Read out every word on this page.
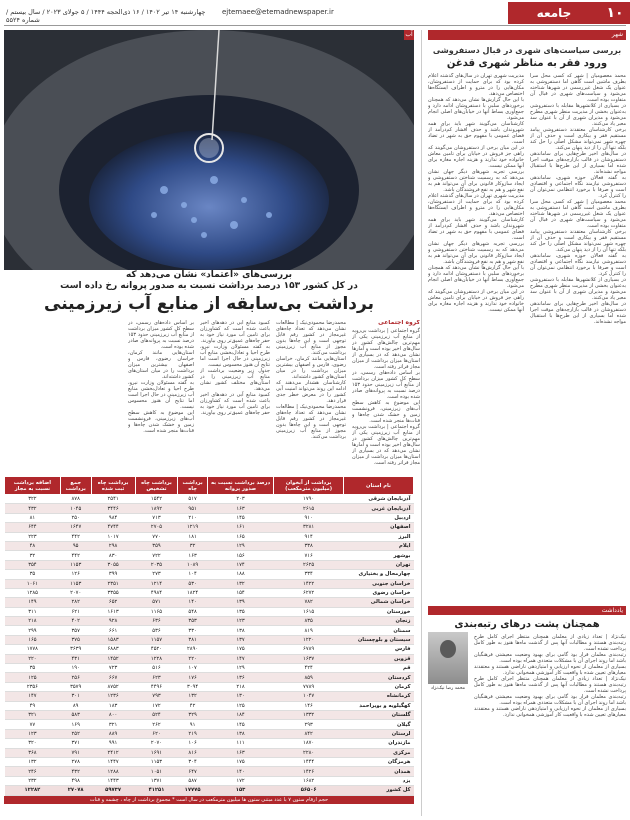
۱۰
جامعه
ejtemaee@etemadnewspaper.ir
چهارشنبه ۱۴ تیر ۱۴۰۲ / ۱۶ ذی‌الحجه ۱۴۴۴ / ۵ جولای ۲۰۲۳ / سال بیستم / شماره ۵۵۲۴
شهر
بررسی سیاست‌های شهری در قبال دستفروشی
ورود فقر به مناظر شهری قدغن
محمد معصومیان | شهر که کسی محل سرا بطرف ماشین است گاهی اما دستفروشی به عنوان یک شغل غیررسمی در شهرها شناخته می‌شود و سیاست‌های شهری در قبال آن متفاوت بوده است.
در بسیاری از کلانشهرها مقابله با دستفروشی به‌عنوان بخشی از مدیریت منظر شهری مطرح می‌شود و مدیران شهری از آن با عنوان سد معبر یاد می‌کنند.
برخی کارشناسان معتقدند دستفروشی پیامد مستقیم فقر و بیکاری است و حذف آن از چهره شهر نمی‌تواند مشکل اصلی را حل کند بلکه تنها آن را از دید پنهان می‌کند.
در سال‌های اخیر طرح‌هایی برای ساماندهی دستفروشان در قالب بازارچه‌های موقت اجرا شده اما بسیاری از این طرح‌ها با استقبال مواجه نشده‌اند.
به گفته فعالان حوزه شهری، ساماندهی دستفروشی نیازمند نگاه اجتماعی و اقتصادی است و صرفا با برخورد انتظامی نمی‌توان آن را کنترل کرد.
محمد معصومیان | شهر که کسی محل سرا بطرف ماشین است گاهی اما دستفروشی به عنوان یک شغل غیررسمی در شهرها شناخته می‌شود و سیاست‌های شهری در قبال آن متفاوت بوده است.
برخی کارشناسان معتقدند دستفروشی پیامد مستقیم فقر و بیکاری است و حذف آن از چهره شهر نمی‌تواند مشکل اصلی را حل کند بلکه تنها آن را از دید پنهان می‌کند.
به گفته فعالان حوزه شهری، ساماندهی دستفروشی نیازمند نگاه اجتماعی و اقتصادی است و صرفا با برخورد انتظامی نمی‌توان آن را کنترل کرد.
در بسیاری از کلانشهرها مقابله با دستفروشی به‌عنوان بخشی از مدیریت منظر شهری مطرح می‌شود و مدیران شهری از آن با عنوان سد معبر یاد می‌کنند.
در سال‌های اخیر طرح‌هایی برای ساماندهی دستفروشان در قالب بازارچه‌های موقت اجرا شده اما بسیاری از این طرح‌ها با استقبال مواجه نشده‌اند.
مدیریت شهری تهران در سال‌های گذشته اعلام کرده بود که برای حمایت از دستفروشان، مکان‌هایی را در مترو و اطراف ایستگاه‌ها اختصاص می‌دهد.
با این حال گزارش‌ها نشان می‌دهد که همچنان برخوردهای سلبی با دستفروشان ادامه دارد و جمع‌آوری بساط آنها در خیابان‌های اصلی انجام می‌شود.
کارشناسان می‌گویند شهر باید برای همه شهروندان باشد و حذف اقشار کم‌درآمد از فضای عمومی با مفهوم حق به شهر در تضاد است.
در این میان برخی از دستفروشان می‌گویند که راهی جز فروش در خیابان برای تامین معاش خانواده خود ندارند و هزینه اجاره مغازه برای آنها ممکن نیست.
بررسی تجربه شهرهای دیگر جهان نشان می‌دهد که به رسمیت شناختن دستفروشی و ایجاد سازوکار قانونی برای آن می‌تواند هم به نفع شهر و هم به نفع فروشندگان باشد.
مدیریت شهری تهران در سال‌های گذشته اعلام کرده بود که برای حمایت از دستفروشان، مکان‌هایی را در مترو و اطراف ایستگاه‌ها اختصاص می‌دهد.
کارشناسان می‌گویند شهر باید برای همه شهروندان باشد و حذف اقشار کم‌درآمد از فضای عمومی با مفهوم حق به شهر در تضاد است.
بررسی تجربه شهرهای دیگر جهان نشان می‌دهد که به رسمیت شناختن دستفروشی و ایجاد سازوکار قانونی برای آن می‌تواند هم به نفع شهر و هم به نفع فروشندگان باشد.
با این حال گزارش‌ها نشان می‌دهد که همچنان برخوردهای سلبی با دستفروشان ادامه دارد و جمع‌آوری بساط آنها در خیابان‌های اصلی انجام می‌شود.
در این میان برخی از دستفروشان می‌گویند که راهی جز فروش در خیابان برای تامین معاش خانواده خود ندارند و هزینه اجاره مغازه برای آنها ممکن نیست.
یادداشت
همچنان پشت درهای رتبه‌بندی
محمد رضا نیک‌نژاد
نیک‌نژاد | تعداد زیادی از معلمان همچنان منتظر اجرای کامل طرح رتبه‌بندی هستند و مطالبات آنها پس از گذشت ماه‌ها هنوز به طور کامل پرداخت نشده است.
رتبه‌بندی معلمان قرار بود گامی برای بهبود وضعیت معیشتی فرهنگیان باشد اما روند اجرای آن با مشکلات متعددی همراه بوده است.
بسیاری از معلمان از نحوه ارزیابی و امتیازدهی ناراضی هستند و معتقدند معیارهای تعیین شده با واقعیت کار آموزشی همخوانی ندارد.
نیک‌نژاد | تعداد زیادی از معلمان همچنان منتظر اجرای کامل طرح رتبه‌بندی هستند و مطالبات آنها پس از گذشت ماه‌ها هنوز به طور کامل پرداخت نشده است.
رتبه‌بندی معلمان قرار بود گامی برای بهبود وضعیت معیشتی فرهنگیان باشد اما روند اجرای آن با مشکلات متعددی همراه بوده است.
بسیاری از معلمان از نحوه ارزیابی و امتیازدهی ناراضی هستند و معتقدند معیارهای تعیین شده با واقعیت کار آموزشی همخوانی ندارد.
آب
بررسی‌های «اعتماد» نشان می‌دهد که
در کل کشور ۱۵۳ درصد برداشت نسبت به صدور پروانه رخ داده است
برداشت بی‌سابقه از منابع آب زیرزمینی
گروه اجتماعی
گروه اجتماعی | برداشت بی‌رویه از منابع آب زیرزمینی یکی از مهم‌ترین چالش‌های کشور در سال‌های اخیر بوده است و آمارها نشان می‌دهد که در بسیاری از استان‌ها میزان برداشت از میزان مجاز فراتر رفته است.
بر اساس داده‌های رسمی، در سطح کل کشور میزان برداشت از منابع آب زیرزمینی حدود ۱۵۳ درصد نسبت به پروانه‌های صادر شده بوده است.
این موضوع به کاهش سطح آب‌های زیرزمینی، فرونشست زمین و خشک شدن چاه‌ها و قنات‌ها منجر شده است.
گروه اجتماعی | برداشت بی‌رویه از منابع آب زیرزمینی یکی از مهم‌ترین چالش‌های کشور در سال‌های اخیر بوده است و آمارها نشان می‌دهد که در بسیاری از استان‌ها میزان برداشت از میزان مجاز فراتر رفته است.
محمدرضا محمودی‌نیک | مطالعات نشان می‌دهد که تعداد چاه‌های غیرمجاز در کشور رقم قابل توجهی است و این چاه‌ها بدون مجوز از منابع آب زیرزمینی برداشت می‌کنند.
استان‌هایی مانند کرمان، خراسان رضوی، فارس و اصفهان بیشترین میزان برداشت را در میان استان‌های کشور داشته‌اند.
کارشناسان هشدار می‌دهند که ادامه این روند می‌تواند امنیت آبی کشور را در معرض خطر جدی قرار دهد.
محمدرضا محمودی‌نیک | مطالعات نشان می‌دهد که تعداد چاه‌های غیرمجاز در کشور رقم قابل توجهی است و این چاه‌ها بدون مجوز از منابع آب زیرزمینی برداشت می‌کنند.
کمبود منابع آبی در دهه‌های اخیر باعث شده است که کشاورزان برای تامین آب مورد نیاز خود به حفر چاه‌های عمیق‌تر روی بیاورند.
به گفته مسئولان وزارت نیرو، طرح احیا و تعادل‌بخشی منابع آب زیرزمینی در حال اجرا است اما نتایج آن هنوز محسوس نیست.
جدول زیر وضعیت برداشت از منابع آب زیرزمینی را در استان‌های مختلف کشور نشان می‌دهد.
کمبود منابع آبی در دهه‌های اخیر باعث شده است که کشاورزان برای تامین آب مورد نیاز خود به حفر چاه‌های عمیق‌تر روی بیاورند.
بر اساس داده‌های رسمی، در سطح کل کشور میزان برداشت از منابع آب زیرزمینی حدود ۱۵۳ درصد نسبت به پروانه‌های صادر شده بوده است.
استان‌هایی مانند کرمان، خراسان رضوی، فارس و اصفهان بیشترین میزان برداشت را در میان استان‌های کشور داشته‌اند.
به گفته مسئولان وزارت نیرو، طرح احیا و تعادل‌بخشی منابع آب زیرزمینی در حال اجرا است اما نتایج آن هنوز محسوس نیست.
این موضوع به کاهش سطح آب‌های زیرزمینی، فرونشست زمین و خشک شدن چاه‌ها و قنات‌ها منجر شده است.
نام استان	برداشت از آبخوان (میلیون مترمکعب)	درصد برداشت نسبت به صدور پروانه	برداشت چاه	برداشت چاه تشخیص	برداشت چاه ثبت شده	جمع برداشت	اضافه برداشت نسبت به مجاز
آذربایجان شرقی	۱۷۹۰	۲۰۳	۵۱۷	۱۵۴۲	۲۵۴۱	۸۷۸	۳۲۲
آذربایجان غربی	۲۶۱۵	۱۶۳	۹۵۱	۱۸۹۲	۳۴۴۶	۱۰۴۵	۴۳۲
اردبیل	۹۱۰	۱۴۵	۲۱۰	۷۱۳	۹۸۴	۲۵۰	۸۱
اصفهان	۳۲۸۱	۱۶۱	۱۲۱۹	۲۷۰۵	۴۷۴۴	۱۶۴۷	۶۴۴
البرز	۹۱۴	۱۶۵	۱۸۱	۷۷۰	۱۰۱۷	۴۴۲	۲۲۳
ایلام	۳۳۸	۱۲۹	۳۲	۳۵۹	۲۹۸	۹۵	۴۸
بوشهر	۷۱۶	۱۵۶	۱۶۳	۷۲۲	۸۳۰	۴۴۲	۳۲
تهران	۲۶۲۵	۱۷۴	۱۰۸۹	۲۰۳۵	۳۰۵۵	۱۱۵۳	۳۵۴
چهارمحال و بختیاری	۳۳۴	۱۸۸	۱۰۴	۲۷۳	۳۹۹	۱۲۶	۳۵
خراسان جنوبی	۱۴۲۲	۱۳۲	۵۳۰	۱۲۱۴	۲۳۵۱	۱۱۵۳	۱۰۶۱
خراسان رضوی	۶۲۷۲	۱۵۴	۱۸۲۴	۴۹۸۴	۳۳۵۵	۲۰۷۰	۱۲۸۵
خراسان شمالی	۷۸۲	۱۳۹	۱۴۰	۵۷۱	۶۵۲	۲۸۲	۱۴۹
خوزستان	۱۶۱۵	۱۳۵	۵۴۸	۱۱۶۵	۱۶۱۳	۶۲۱	۳۱۱
زنجان	۸۳۵	۱۲۳	۳۵۳	۶۳۶	۹۲۸	۴۰۲	۲۱۸
سمنان	۸۱۹	۱۳۸	۳۳۰	۵۳۶	۶۶۱	۳۵۷	۲۹۹
سیستان و بلوچستان	۱۲۲۰	۱۳۷	۳۸۱	۱۱۵۷	۱۵۸۳	۳۷۵	۱۶۵
فارس	۶۷۸۹	۱۷۵	۲۸۹۰	۴۵۲۰	۶۸۸۳	۳۶۳۹	۱۷۷۸
قزوین	۱۶۳۷	۱۴۷	۲۲۰	۱۲۲۸	۱۴۵۲	۴۳۱	۲۲۰
قم	۴۲۴	۱۲۹	۱۰۷	۵۱۶	۷۲۳	۱۹۰	۳۵
کردستان	۸۵۹	۱۳۶	۱۷۶	۶۲۳	۶۶۷	۲۵۶	۱۲۵
کرمان	۷۷۸۹	۲۱۸	۳۰۹۴	۴۴۹۶	۸۷۵۲	۳۵۷۹	۲۳۵۶
کرمانشاه	۱۰۴۷	۱۳۰	۱۳۲	۷۹۳	۱۲۳۶	۳۰۱	۱۴۷
کهگیلویه و بویراحمد	۱۴۶	۱۲۵	۴۲	۱۷۲	۱۸۳	۸۹	۴۹
گلستان	۱۳۳۲	۱۸۴	۳۲۹	۵۲۴	۸۰۰	۵۸۳	۳۲۱
گیلان	۲۹۳	۱۴۵	۹۱	۲۶۲	۳۲۱	۱۶۹	۷۷
لرستان	۸۴۲	۱۳۸	۲۱۹	۶۲۰	۸۸۹	۲۵۲	۱۲۳
مازندران	۱۸۷۰	۱۱۱	۱۰۶	۲۰۷۰	۹۹۱	۳۷۱	۳۲۰
مرکزی	۲۲۸۰	۱۶۳	۸۱۶	۱۶۹۱	۲۴۱۲	۷۹۱	۳۶۸
هرمزگان	۱۴۴۴	۱۷۵	۳۰۴	۱۱۵۳	۱۴۴۷	۲۷۸	۱۳۲
همدان	۱۴۲۶	۱۴۰	۶۴۷	۱۰۵۱	۱۲۸۸	۴۳۲	۲۴۶
یزد	۱۶۸۲	۱۷۲	۵۸۷	۱۳۷۱	۱۴۴۳	۴۹۸	۲۳۲
کل کشور	۵۶۵۰۶	۱۵۳	۱۷۷۷۵	۴۱۲۵۱	۵۹۷۳۷	۲۷۰۷۸	۱۲۲۸۲
حجم ارقام ستون ۷ با عدد مبتنی ستون ها میلیون مترمکعب در سال است * مجموع برداشت از چاه ، چشمه و قنات
